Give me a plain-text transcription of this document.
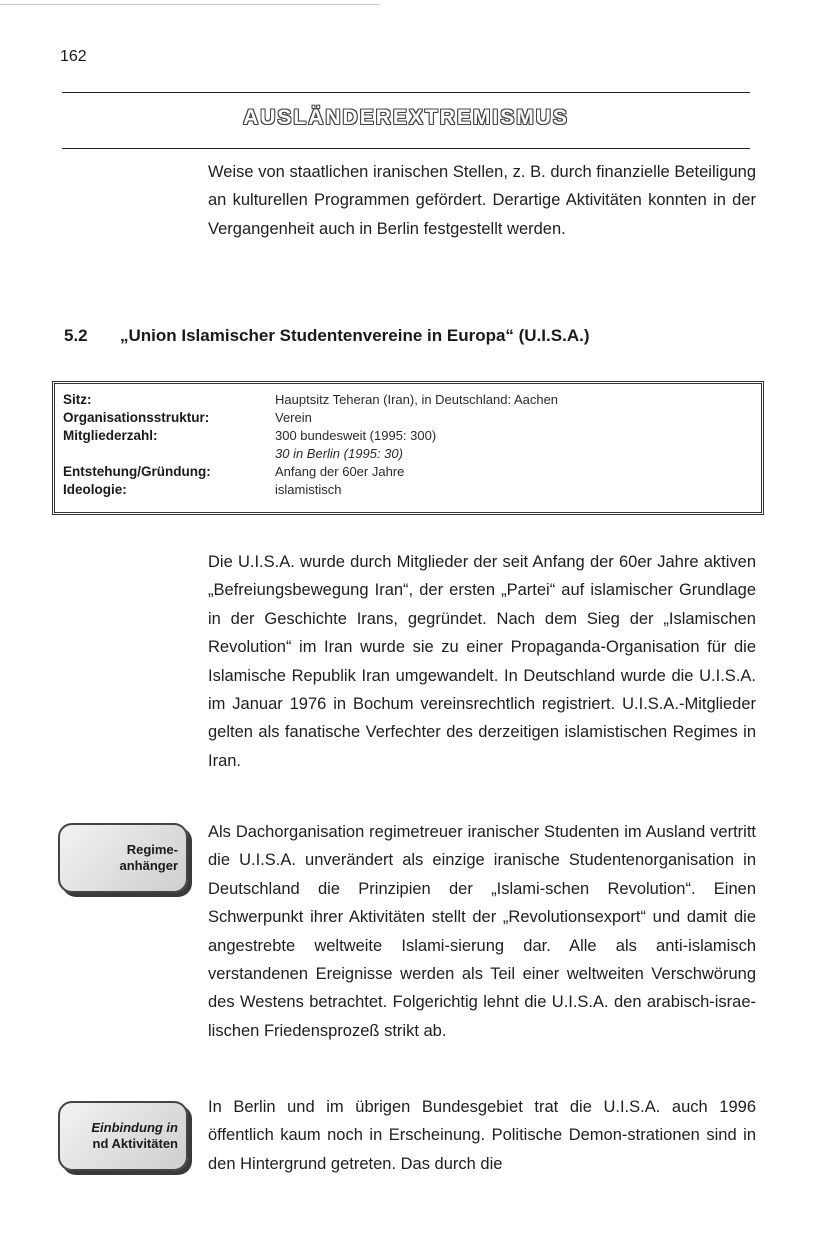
162
AUSLÄNDEREXTREMISMUS

Weise von staatlichen iranischen Stellen, z. B. durch finanzielle Beteiligung an kulturellen Programmen gefördert. Derartige Aktivitäten konnten in der Vergangenheit auch in Berlin festgestellt werden.

5.2 „Union Islamischer Studentenvereine in Europa“ (U.I.S.A.)
Sitz:	Hauptsitz Teheran (Iran), in Deutschland: Aachen
Organisationsstruktur:	Verein
Mitgliederzahl:	300 bundesweit (1995: 300)
30 in Berlin (1995: 30)
Entstehung/Gründung:	Anfang der 60er Jahre
Ideologie:	islamistisch

Die U.I.S.A. wurde durch Mitglieder der seit Anfang der 60er Jahre aktiven „Befreiungsbewegung Iran“, der ersten „Partei“ auf islamischer Grundlage in der Geschichte Irans, gegründet. Nach dem Sieg der „Islamischen Revolution“ im Iran wurde sie zu einer Propaganda-Organisation für die Islamische Republik Iran umgewandelt. In Deutschland wurde die U.I.S.A. im Januar 1976 in Bochum vereinsrechtlich registriert. U.I.S.A.-Mitglieder gelten als fanatische Verfechter des derzeitigen islamistischen Regimes in Iran.

Regime-
anhänger

Als Dachorganisation regimetreuer iranischer Studenten im Ausland vertritt die U.I.S.A. unverändert als einzige iranische Studentenorganisation in Deutschland die Prinzipien der „Islami-schen Revolution“. Einen Schwerpunkt ihrer Aktivitäten stellt der „Revolutionsexport“ und damit die angestrebte weltweite Islami-sierung dar. Alle als anti-islamisch verstandenen Ereignisse werden als Teil einer weltweiten Verschwörung des Westens betrachtet. Folgerichtig lehnt die U.I.S.A. den arabisch-israe-lischen Friedensprozeß strikt ab.

Einbindung in
nd Aktivitäten

In Berlin und im übrigen Bundesgebiet trat die U.I.S.A. auch 1996 öffentlich kaum noch in Erscheinung. Politische Demon-strationen sind in den Hintergrund getreten. Das durch die
